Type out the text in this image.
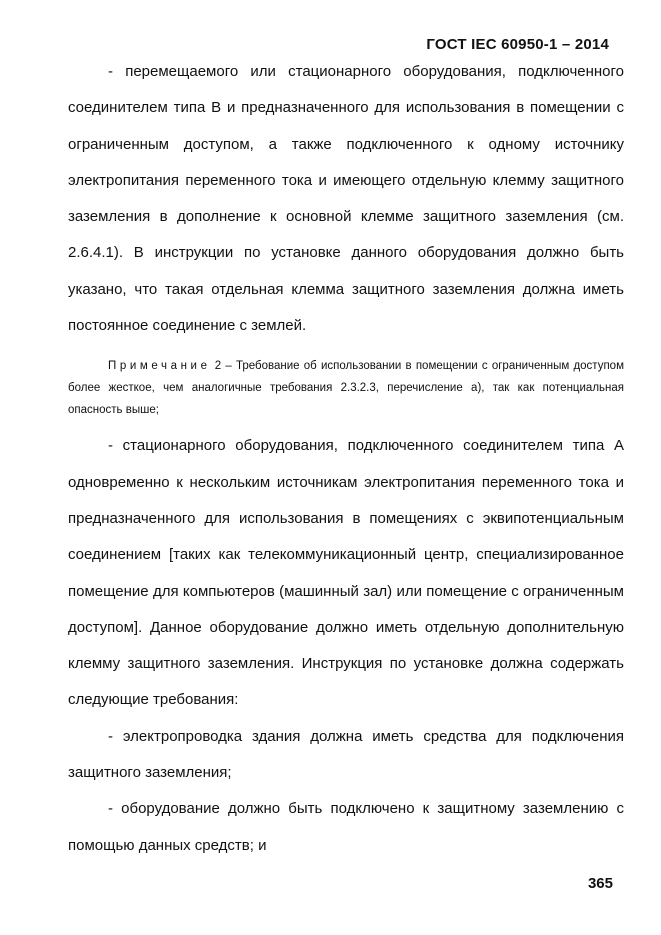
ГОСТ IEC 60950-1 – 2014

- перемещаемого или стационарного оборудования, подключенного соединителем типа В и предназначенного для использования в помещении с ограниченным доступом, а также подключенного к одному источнику электропитания переменного тока и имеющего отдельную клемму защитного заземления в дополнение к основной клемме защитного заземления (см. 2.6.4.1). В инструкции по установке данного оборудования должно быть указано, что такая отдельная клемма защитного заземления должна иметь постоянное соединение с землей.

Примечание 2 – Требование об использовании в помещении с ограниченным доступом более жесткое, чем аналогичные требования 2.3.2.3, перечисление а), так как потенциальная опасность выше;

- стационарного оборудования, подключенного соединителем типа А одновременно к нескольким источникам электропитания переменного тока и предназначенного для использования в помещениях с эквипотенциальным соединением [таких как телекоммуникационный центр, специализированное помещение для компьютеров (машинный зал) или помещение с ограниченным доступом]. Данное оборудование должно иметь отдельную дополнительную клемму защитного заземления. Инструкция по установке должна содержать следующие требования:

- электропроводка здания должна иметь средства для подключения защитного заземления;

- оборудование должно быть подключено к защитному заземлению с помощью данных средств; и

365
